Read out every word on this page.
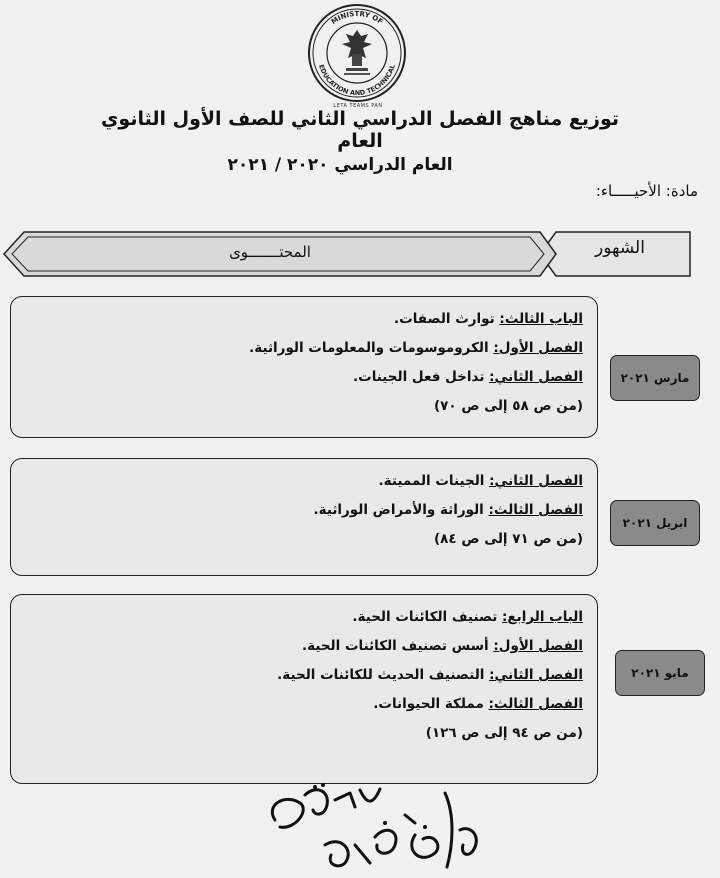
MINISTRY OF
EDUCATION AND TECHNICAL
LETA TEAMS PAN
توزيع مناهج الفصل الدراسي الثاني للصف الأول الثانوي العام
العام الدراسي ٢٠٢٠ / ٢٠٢١
مادة: الأحيـــــاء:
الشهور
المحتـــــــوى
الباب الثالث: توارث الصفات.
الفصل الأول: الكروموسومات والمعلومات الوراثية.
الفصل الثاني: تداخل فعل الجينات.
(من ص ٥٨ إلى ص ٧٠)
مارس ٢٠٢١
الفصل الثاني: الجينات المميتة.
الفصل الثالث: الوراثة والأمراض الوراثية.
(من ص ٧١ إلى ص ٨٤)
ابريل ٢٠٢١
الباب الرابع: تصنيف الكائنات الحية.
الفصل الأول: أسس تصنيف الكائنات الحية.
الفصل الثاني: التصنيف الحديث للكائنات الحية.
الفصل الثالث: مملكة الحيوانات.
(من ص ٩٤ إلى ص ١٢٦)
مايو ٢٠٢١
